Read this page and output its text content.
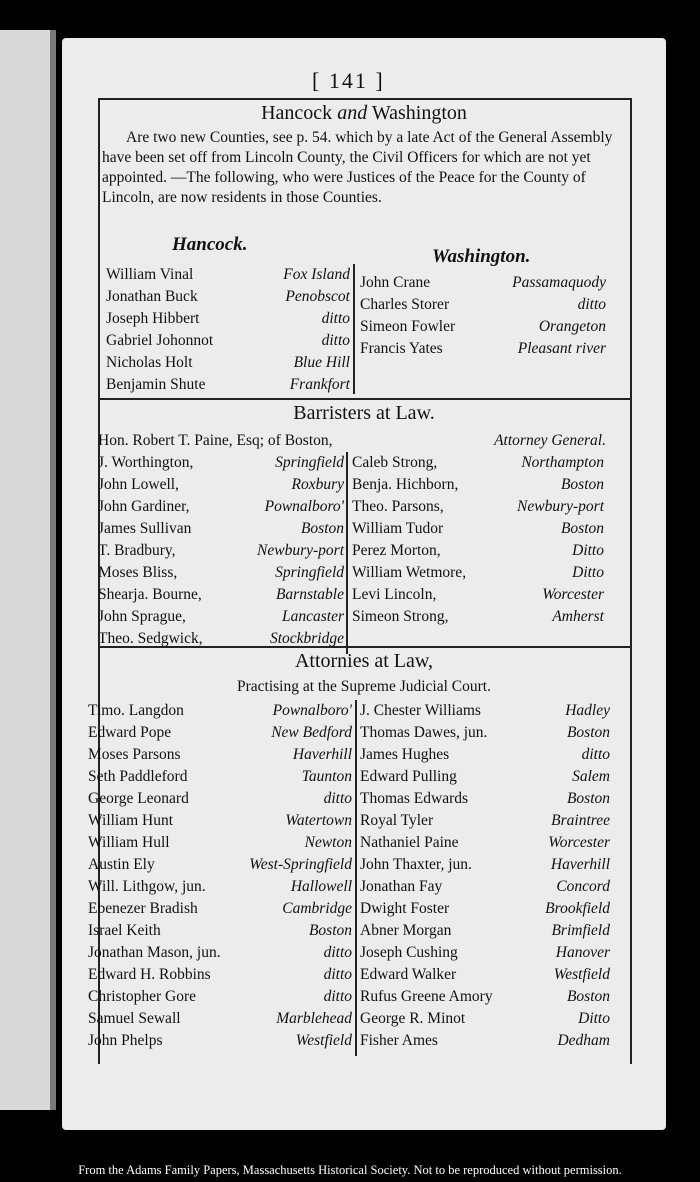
[ 141 ]
Hancock and Washington
Are two new Counties, see p. 54. which by a late Act of the General Assembly have been set off from Lincoln County, the Civil Officers for which are not yet appointed. —The following, who were Justices of the Peace for the County of Lincoln, are now residents in those Counties.
Hancock.
Washington.
William Vinal	Fox Island
Jonathan Buck	Penobscot
Joseph Hibbert	ditto
Gabriel Johonnot	ditto
Nicholas Holt	Blue Hill
Benjamin Shute	Frankfort
John Crane	Passamaquody
Charles Storer	ditto
Simeon Fowler	Orangeton
Francis Yates	Pleasant river
Barristers at Law.
Hon. Robert T. Paine, Esq; of Boston,	Attorney General.
J. Worthington,	Springfield
John Lowell,	Roxbury
John Gardiner,	Pownalboro'
James Sullivan	Boston
T. Bradbury,	Newbury-port
Moses Bliss,	Springfield
Shearja. Bourne,	Barnstable
John Sprague,	Lancaster
Theo. Sedgwick,	Stockbridge
Caleb Strong,	Northampton
Benja. Hichborn,	Boston
Theo. Parsons,	Newbury-port
William Tudor	Boston
Perez Morton,	Ditto
William Wetmore,	Ditto
Levi Lincoln,	Worcester
Simeon Strong,	Amherst
Attornies at Law,
Practising at the Supreme Judicial Court.
Timo. Langdon	Pownalboro'
Edward Pope	New Bedford
Moses Parsons	Haverhill
Seth Paddleford	Taunton
George Leonard	ditto
William Hunt	Watertown
William Hull	Newton
Austin Ely	West-Springfield
Will. Lithgow, jun.	Hallowell
Ebenezer Bradish	Cambridge
Israel Keith	Boston
Jonathan Mason, jun.	ditto
Edward H. Robbins	ditto
Christopher Gore	ditto
Samuel Sewall	Marblehead
John Phelps	Westfield
J. Chester Williams	Hadley
Thomas Dawes, jun.	Boston
James Hughes	ditto
Edward Pulling	Salem
Thomas Edwards	Boston
Royal Tyler	Braintree
Nathaniel Paine	Worcester
John Thaxter, jun.	Haverhill
Jonathan Fay	Concord
Dwight Foster	Brookfield
Abner Morgan	Brimfield
Joseph Cushing	Hanover
Edward Walker	Westfield
Rufus Greene Amory	Boston
George R. Minot	Ditto
Fisher Ames	Dedham
From the Adams Family Papers, Massachusetts Historical Society. Not to be reproduced without permission.
